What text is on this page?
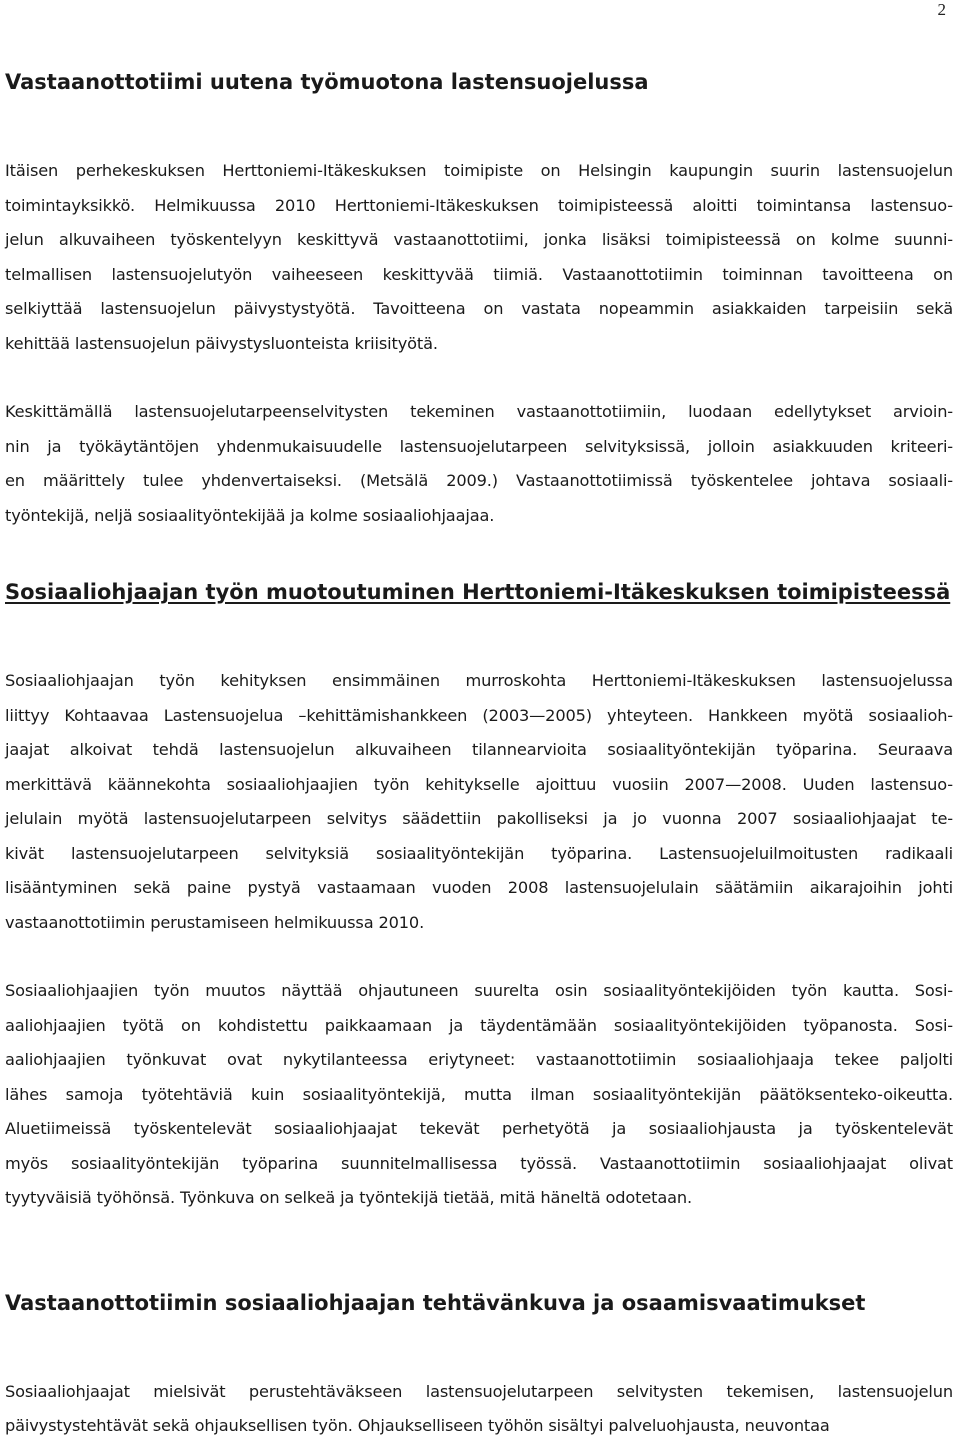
2
Vastaanottotiimi uutena työmuotona lastensuojelussa

Itäisen perhekeskuksen Herttoniemi-Itäkeskuksen toimipiste on Helsingin kaupungin suurin lastensuojelun
toimintayksikkö. Helmikuussa 2010 Herttoniemi-Itäkeskuksen toimipisteessä aloitti toimintansa lastensuo-
jelun alkuvaiheen työskentelyyn keskittyvä vastaanottotiimi, jonka lisäksi toimipisteessä on kolme suunni-
telmallisen lastensuojelutyön vaiheeseen keskittyvää tiimiä. Vastaanottotiimin toiminnan tavoitteena on
selkiyttää lastensuojelun päivystystyötä. Tavoitteena on vastata nopeammin asiakkaiden tarpeisiin sekä
kehittää lastensuojelun päivystysluonteista kriisityötä.

Keskittämällä lastensuojelutarpeenselvitysten tekeminen vastaanottotiimiin, luodaan edellytykset arvioin-
nin ja työkäytäntöjen yhdenmukaisuudelle lastensuojelutarpeen selvityksissä, jolloin asiakkuuden kriteeri-
en määrittely tulee yhdenvertaiseksi. (Metsälä 2009.) Vastaanottotiimissä työskentelee johtava sosiaali-
työntekijä, neljä sosiaalityöntekijää ja kolme sosiaaliohjaajaa.

Sosiaaliohjaajan työn muotoutuminen Herttoniemi-Itäkeskuksen toimipisteessä

Sosiaaliohjaajan työn kehityksen ensimmäinen murroskohta Herttoniemi-Itäkeskuksen lastensuojelussa
liittyy Kohtaavaa Lastensuojelua –kehittämishankkeen (2003—2005) yhteyteen. Hankkeen myötä sosiaalioh-
jaajat alkoivat tehdä lastensuojelun alkuvaiheen tilannearvioita sosiaalityöntekijän työparina. Seuraava
merkittävä käännekohta sosiaaliohjaajien työn kehitykselle ajoittuu vuosiin 2007—2008. Uuden lastensuo-
jelulain myötä lastensuojelutarpeen selvitys säädettiin pakolliseksi ja jo vuonna 2007 sosiaaliohjaajat te-
kivät lastensuojelutarpeen selvityksiä sosiaalityöntekijän työparina. Lastensuojeluilmoitusten radikaali
lisääntyminen sekä paine pystyä vastaamaan vuoden 2008 lastensuojelulain säätämiin aikarajoihin johti
vastaanottotiimin perustamiseen helmikuussa 2010.

Sosiaaliohjaajien työn muutos näyttää ohjautuneen suurelta osin sosiaalityöntekijöiden työn kautta. Sosi-
aaliohjaajien työtä on kohdistettu paikkaamaan ja täydentämään sosiaalityöntekijöiden työpanosta. Sosi-
aaliohjaajien työnkuvat ovat nykytilanteessa eriytyneet: vastaanottotiimin sosiaaliohjaaja tekee paljolti
lähes samoja työtehtäviä kuin sosiaalityöntekijä, mutta ilman sosiaalityöntekijän päätöksenteko-oikeutta.
Aluetiimeissä työskentelevät sosiaaliohjaajat tekevät perhetyötä ja sosiaaliohjausta ja työskentelevät
myös sosiaalityöntekijän työparina suunnitelmallisessa työssä. Vastaanottotiimin sosiaaliohjaajat olivat
tyytyväisiä työhönsä. Työnkuva on selkeä ja työntekijä tietää, mitä häneltä odotetaan.

Vastaanottotiimin sosiaaliohjaajan tehtävänkuva ja osaamisvaatimukset

Sosiaaliohjaajat mielsivät perustehtäväkseen lastensuojelutarpeen selvitysten tekemisen, lastensuojelun
päivystystehtävät sekä ohjauksellisen työn. Ohjaukselliseen työhön sisältyi palveluohjausta, neuvontaa
